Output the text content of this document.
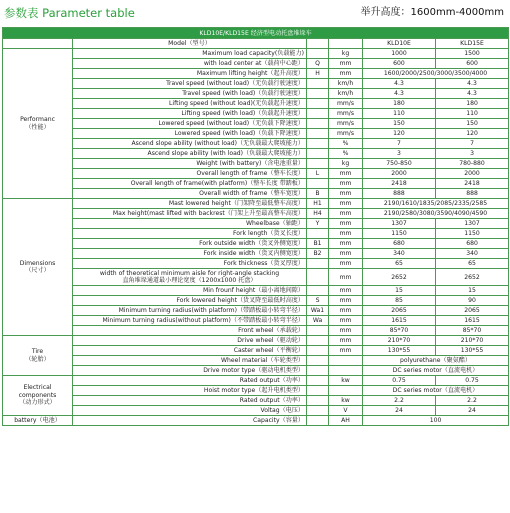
参数表 Parameter table	举升高度：1600mm-4000mm
KLD10E/KLD15E 经济型电动托盘堆垛车					
	Model（型号）			KLD10E	KLD15E
Performanc
（性能）	Maximum load capacity(负载能力)		kg	1000	1500
	with load center at（载荷中心距）	Q	mm	600	600
	Maximum lifting height（起升高度）	H	mm	1600/2000/2500/3000/3500/4000	
	Travel speed (without load)（无负载行驶速度）		km/h	4.3	4.3
	Travel speed (with load)（负载行驶速度）		km/h	4.3	4.3
	Lifting speed (without load)(无负载起升速度）		mm/s	180	180
	Lifting speed (with load)（负载起升速度）		mm/s	110	110
	Lowered speed (without load)（无负载下降速度）		mm/s	150	150
	Lowered speed (with load)（负载下降速度）		mm/s	120	120
	Ascend slope ability (without load)（无负载最大爬坡能力）		%	7	7
	Ascend slope ability (with load)（负载最大爬坡能力）		%	3	3
	Weight (with battery)（含电池重量）		kg	750-850	780-880
	Overall length of frame（整车长度）	L	mm	2000	2000
	Overall length of frame(with platform)（整车长度 带踏板）		mm	2418	2418
	Overall width of frame（整车宽度）	B	mm	888	888
Dimensions
（尺寸）	Mast lowered height（门架降至最低整车高度）	H1	mm	2190/1610/1835/2085/2335/2585	
	Max height(mast lifted with backrest（门架上升至最高整车高度）	H4	mm	2190/2580/3080/3590/4090/4590	
	Wheelbase（轴距）	Y	mm	1307	1307
	Fork length（货叉长度）		mm	1150	1150
	Fork outside width（货叉外侧宽度）	B1	mm	680	680
	Fork inside width（货叉内侧宽度）	B2	mm	340	340
	Fork thickness（货叉厚度）		mm	65	65
	width of theoretical minimum aisle for right-angle stacking
直角堆垛通道最小理论宽度（1200x1000 托盘）		mm	2652	2652
	Min frounf height（最小离地间隙）		mm	15	15
	Fork lowered height（货叉降至最低时高度）	S	mm	85	90
	Minimum turning radius(with platform)（带踏板最小转弯半径）	Wa1	mm	2065	2065
	Minimum turning radius(without platform)（不带踏板最小转弯半径）	Wa	mm	1615	1615
	Front wheel（承载轮）		mm	85*70	85*70
Tire
（轮胎）	Drive wheel（驱动轮）		mm	210*70	210*70
	Caster wheel（平衡轮）		mm	130*55	130*55
	Wheel material（车轮类型）			polyurethane（聚氨酯）	
	Drive motor type（驱动电机类型）			DC series motor（直流电机）	
Electrical components
（动力形式）	Rated output（功率）		kw	0.75	0.75
	Hoist motor type（起升电机类型）			DC series motor（直流电机）	
	Rated output（功率）		kw	2.2	2.2
	Voltag（电压）		V	24	24
battery（电池）	Capacity（容量）		AH	100	
